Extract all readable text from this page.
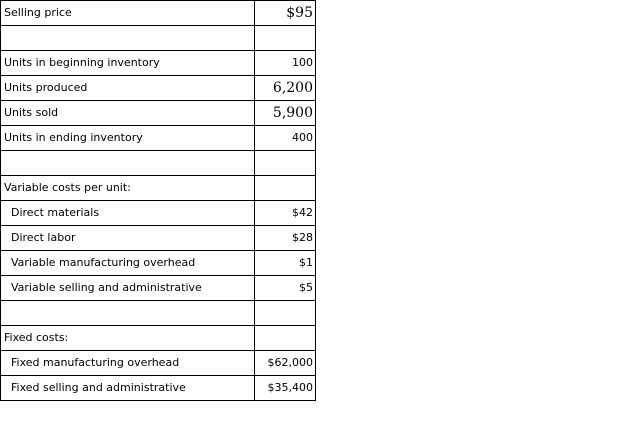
Selling price	$95

Units in beginning inventory	100
Units produced	6,200
Units sold	5,900
Units in ending inventory	400

Variable costs per unit:	
Direct materials	$42
Direct labor	$28
Variable manufacturing overhead	$1
Variable selling and administrative	$5

Fixed costs:	
Fixed manufacturing overhead	$62,000
Fixed selling and administrative	$35,400
